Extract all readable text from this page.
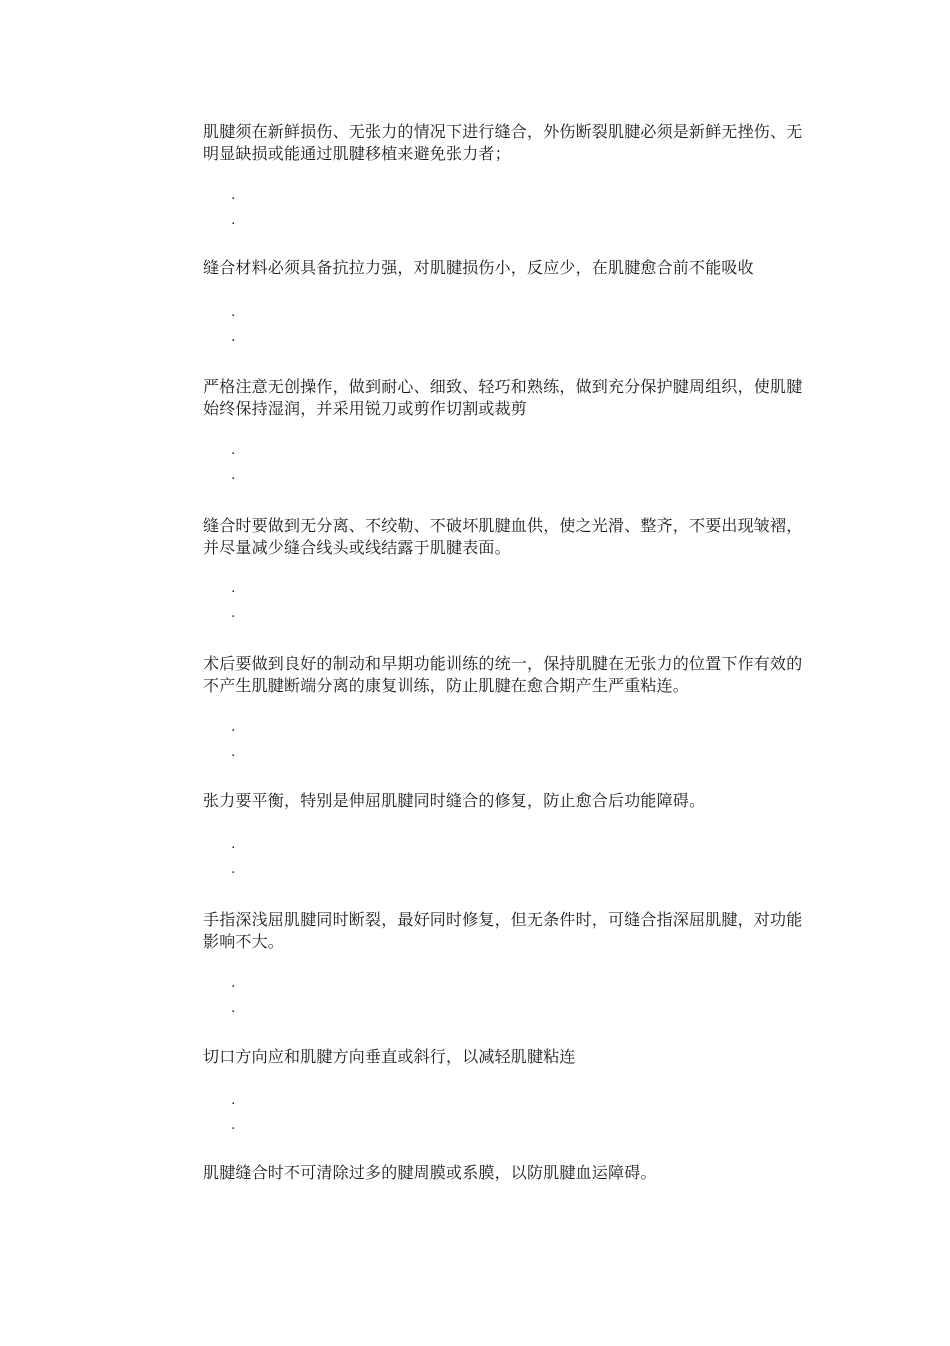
肌腱须在新鲜损伤、无张力的情况下进行缝合，外伤断裂肌腱必须是新鲜无挫伤、无明显缺损或能通过肌腱移植来避免张力者；

.
.

缝合材料必须具备抗拉力强，对肌腱损伤小，反应少，在肌腱愈合前不能吸收

.
.

严格注意无创操作，做到耐心、细致、轻巧和熟练，做到充分保护腱周组织，使肌腱始终保持湿润，并采用锐刀或剪作切割或裁剪

.
.

缝合时要做到无分离、不绞勒、不破坏肌腱血供，使之光滑、整齐，不要出现皱褶，并尽量减少缝合线头或线结露于肌腱表面。

.
.

术后要做到良好的制动和早期功能训练的统一，保持肌腱在无张力的位置下作有效的不产生肌腱断端分离的康复训练，防止肌腱在愈合期产生严重粘连。

.
.

张力要平衡，特别是伸屈肌腱同时缝合的修复，防止愈合后功能障碍。

.
.

手指深浅屈肌腱同时断裂，最好同时修复，但无条件时，可缝合指深屈肌腱，对功能影响不大。

.
.

切口方向应和肌腱方向垂直或斜行，以减轻肌腱粘连

.
.

肌腱缝合时不可清除过多的腱周膜或系膜，以防肌腱血运障碍。
